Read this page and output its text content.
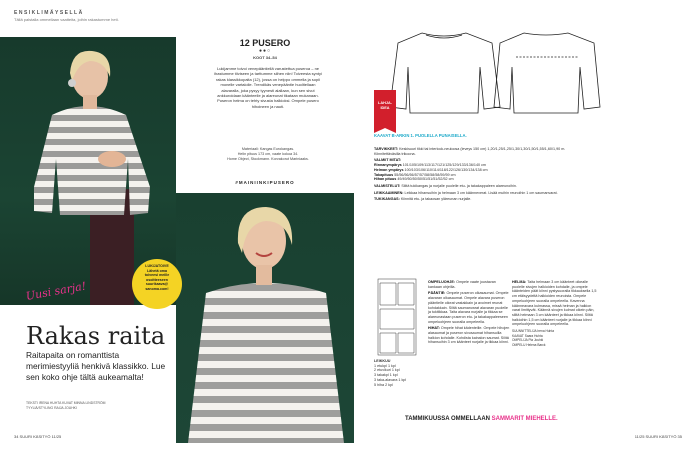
ENSIKLIMÄYSELLÄ
Tällä palstalla ommellaan vaatteita, joihin rakastumme heti.
12 PUSERO
●●○
KOOT 34–54
Lukijamme toivoi venepääntiellä varustettua puseroa – ne ihastumme tiiviseen ja tarttumme siihen niin! Toiveesta syntyi rakas klassikkopaita (12), jossa on helppo ommella ja sopii monelle vartalolle. Trendikäs venepääntie huolitellaan alavaralla, joka pysyy tyynesti alallaan, kun sen sivut ankkuroidaan käänteelle ja alareunat tikataan mukanaan. Puseron helma on tehty sivusta halkioksi. Ompele pusero hihoineen ja nauti.
Materiaali: Kangas Eurokangas.
Helin pituus 173 cm, vaate kokoa 34.
Home Object, Stockmann. Korvakorut Mariniaaks.
#MAINIINKIPUSERO
Uusi sarja!
LUKIJATOIVE
Lähetä oma
toiveesi meille
osoitteeseen
suurikaava@
sanoma.com!
Rakas raita
Raitapaita on romanttista merimiestyyliä henkivä klassikko. Lue sen koko ohje tältä aukeamalta!
TEKSTI IRENA HUHTA KUVAT MINNA LINDSTRÖM
TYYLIÄ/STYLING RAIJA JOUHKI
34 SUURI KÄSITYÖ 11/25
LAHJA-IDEA
KAAVAT B-ARKIN 1. PUOLELLA PUNAISELLA.

TARVIKKEET: Keskisuuri tikki tai interlock-neuloosa (leveys 150 cm) 1,20/1,25/1,25/1,30/1,30/1,50/1,55/1,60/1,90 m. Kiinnitettäväsilla trikoona.

VALMIIT MITAT:

Rinnanympärys 101/105/109/113/117/121/125/129/133/136/140 cm

Helman ympärys 100/103/106/110/114/118/122/126/130/134/138 cm

Takapituus 55/56/56/56/57/57/58/58/58/59/59 cm

Hihan pituus 49/49/50/50/50/51/51/51/52/52 cm

VALMISTELUT: Silitä tukikangas ja nurjalle puolelle etu- ja takakappaleen alareunoihin.

LEIKKAAMINEN: Leikkaa hihansuihin ja helmaan 3 cm käänneverat. Lisää muihin reunoihin 1 cm saumanvarat.

TUKIKANGAS: Kiinnitä etu- ja takaosan yläreunan nurjalle.

LEIKKUU

1 etukpl 1 kpl

2 etuvikuri 1 kpl

3 takakpl 1 kpl

3 taka-alavara 1 kpl

5 hiha 2 kpl

OMPELUOHJE: Ompele vaate joustavan kankaan ohjeilla.

PÄÄNTIE: Ompele puseron olkasaumat. Ompele alavaran olkasaumat. Ompele alavara puseron pääntielle oikeat vastakkain ja avoimet reunat kohdakkain. Silitä saumanvarat alavaran puolelle ja tukitikkaa. Taita alavara nurjalle ja tikkaa se alareunastaan puseron etu- ja takakappaleeseen ompeluohjeen suoralla ompeleella.

HIHAT: Ompele hihat kädenteille. Ompele hihojen alasaumat ja puseron sivusaumat hihansuilla halkion kohdalle. Kohdista kainalon saumat. Silitä hihansuihin 3 cm käänteet nurjalle ja tikkaa kiinni.

HELMA: Taita helmaan 3 cm käänteet oikealle puolelle sivujen halkioiden kohdalle, ja ompele käänteiden päät kiinni pystysuoralla tikkauksella 1,5 cm etäisyydeltä halkioiden reunoista. Ompele ompeluohjeen suoralla ompeleella. Kavenna käänneavara kulmassa, missä helman ja halkion varat limittyvät. Käännä sivujen kulmat oikein päin, silitä helmaan 3 cm käänteet ja tikkaa kiinni. Silitä halkioihin 1,5 cm käänteet nurjalle ja tikkaa kiinni ompeluohjeen suoralla ompeleella.

SUUNNITTELIJA Irena Huhta
KAAVAT Saara Huhta
OMPELIJA Pia Jouhki
OMPELU Helena Barck

TAMMIKUUSSA OMMELLAAN SAMMARIT MIEHELLE.
11/25 SUURI KÄSITYÖ 35
